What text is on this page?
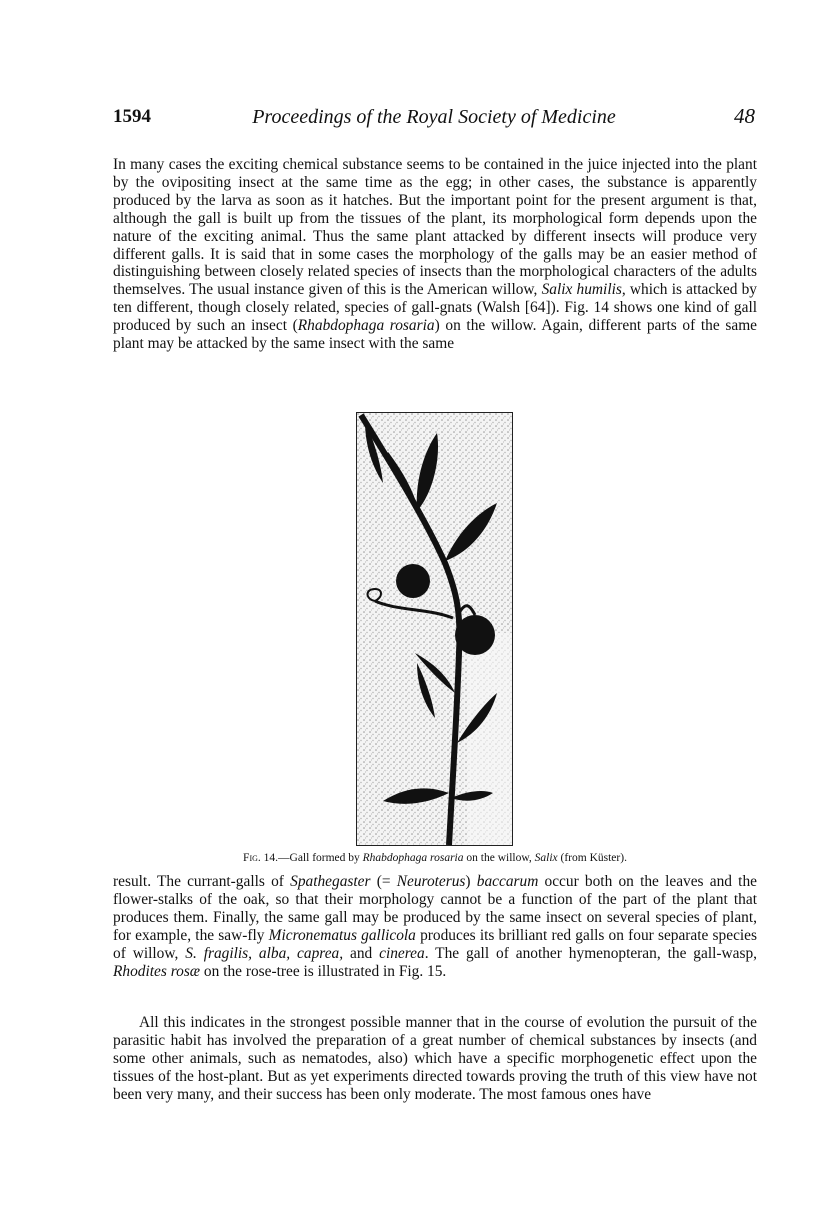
1594	Proceedings of the Royal Society of Medicine	48

In many cases the exciting chemical substance seems to be contained in the juice injected into the plant by the ovipositing insect at the same time as the egg; in other cases, the substance is apparently produced by the larva as soon as it hatches. But the important point for the present argument is that, although the gall is built up from the tissues of the plant, its morphological form depends upon the nature of the exciting animal. Thus the same plant attacked by different insects will produce very different galls. It is said that in some cases the morphology of the galls may be an easier method of distinguishing between closely related species of insects than the morphological characters of the adults themselves. The usual instance given of this is the American willow, Salix humilis, which is attacked by ten different, though closely related, species of gall-gnats (Walsh [64]). Fig. 14 shows one kind of gall produced by such an insect (Rhabdophaga rosaria) on the willow. Again, different parts of the same plant may be attacked by the same insect with the same

Fig. 14.—Gall formed by Rhabdophaga rosaria on the willow, Salix (from Küster).

result. The currant-galls of Spathegaster (= Neuroterus) baccarum occur both on the leaves and the flower-stalks of the oak, so that their morphology cannot be a function of the part of the plant that produces them. Finally, the same gall may be produced by the same insect on several species of plant, for example, the saw-fly Micronematus gallicola produces its brilliant red galls on four separate species of willow, S. fragilis, alba, caprea, and cinerea. The gall of another hymenopteran, the gall-wasp, Rhodites rosæ on the rose-tree is illustrated in Fig. 15.

All this indicates in the strongest possible manner that in the course of evolution the pursuit of the parasitic habit has involved the preparation of a great number of chemical substances by insects (and some other animals, such as nematodes, also) which have a specific morphogenetic effect upon the tissues of the host-plant. But as yet experiments directed towards proving the truth of this view have not been very many, and their success has been only moderate. The most famous ones have
